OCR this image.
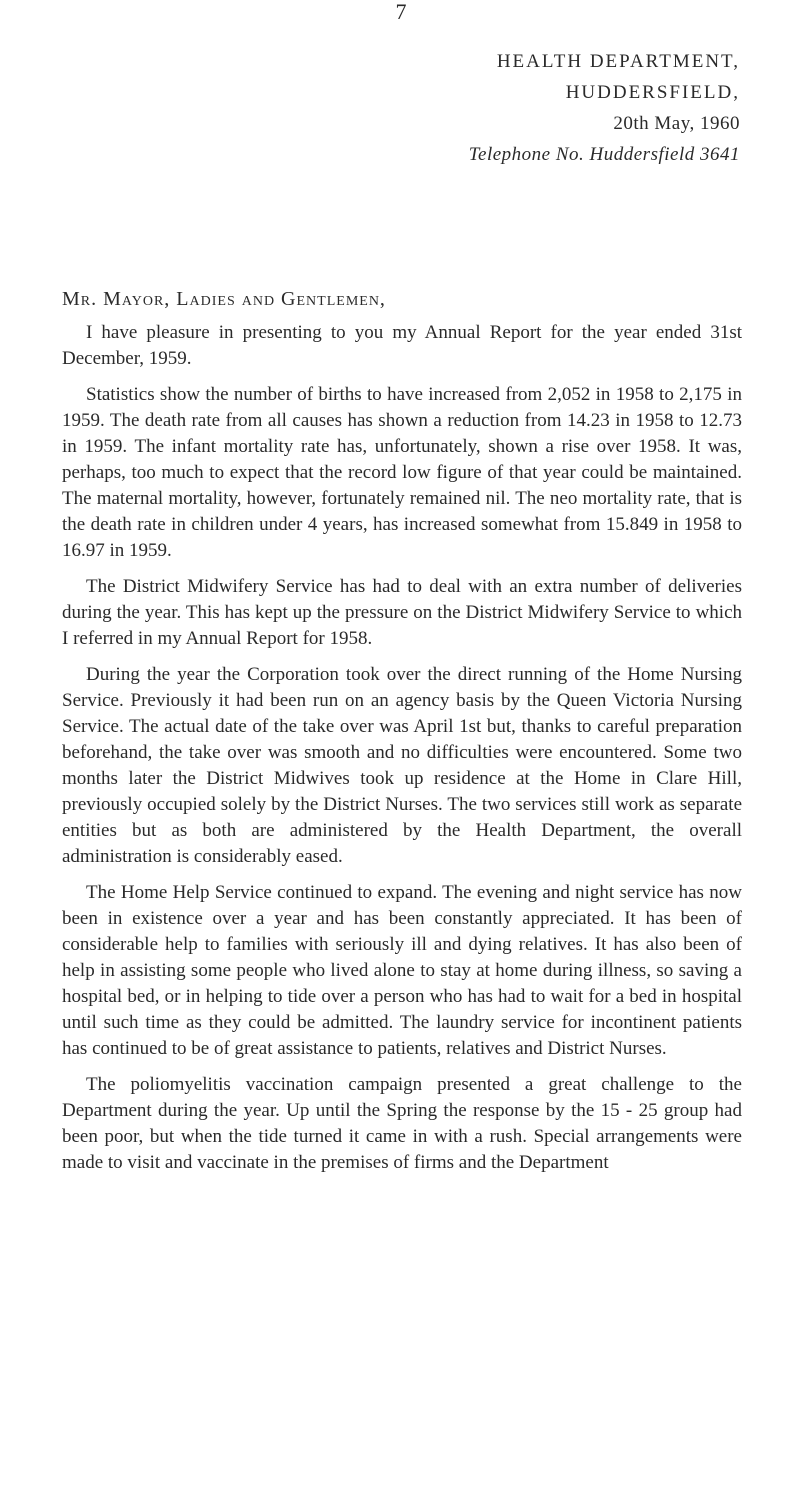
7
HEALTH DEPARTMENT,
HUDDERSFIELD,
20th May, 1960
Telephone No. Huddersfield 3641
Mr. Mayor, Ladies and Gentlemen,

I have pleasure in presenting to you my Annual Report for the year ended 31st December, 1959.

Statistics show the number of births to have increased from 2,052 in 1958 to 2,175 in 1959. The death rate from all causes has shown a reduction from 14.23 in 1958 to 12.73 in 1959. The infant mortality rate has, unfortunately, shown a rise over 1958. It was, perhaps, too much to expect that the record low figure of that year could be maintained. The maternal mortality, however, fortunately remained nil. The neo mortality rate, that is the death rate in children under 4 years, has increased somewhat from 15.849 in 1958 to 16.97 in 1959.

The District Midwifery Service has had to deal with an extra number of deliveries during the year. This has kept up the pressure on the District Midwifery Service to which I referred in my Annual Report for 1958.

During the year the Corporation took over the direct running of the Home Nursing Service. Previously it had been run on an agency basis by the Queen Victoria Nursing Service. The actual date of the take over was April 1st but, thanks to careful preparation beforehand, the take over was smooth and no difficulties were encountered. Some two months later the District Midwives took up residence at the Home in Clare Hill, previously occupied solely by the District Nurses. The two services still work as separate entities but as both are administered by the Health Department, the overall administration is considerably eased.

The Home Help Service continued to expand. The evening and night service has now been in existence over a year and has been constantly appreciated. It has been of considerable help to families with seriously ill and dying relatives. It has also been of help in assisting some people who lived alone to stay at home during illness, so saving a hospital bed, or in helping to tide over a person who has had to wait for a bed in hospital until such time as they could be admitted. The laundry service for incontinent patients has continued to be of great assistance to patients, relatives and District Nurses.

The poliomyelitis vaccination campaign presented a great challenge to the Department during the year. Up until the Spring the response by the 15 - 25 group had been poor, but when the tide turned it came in with a rush. Special arrangements were made to visit and vaccinate in the premises of firms and the Department
